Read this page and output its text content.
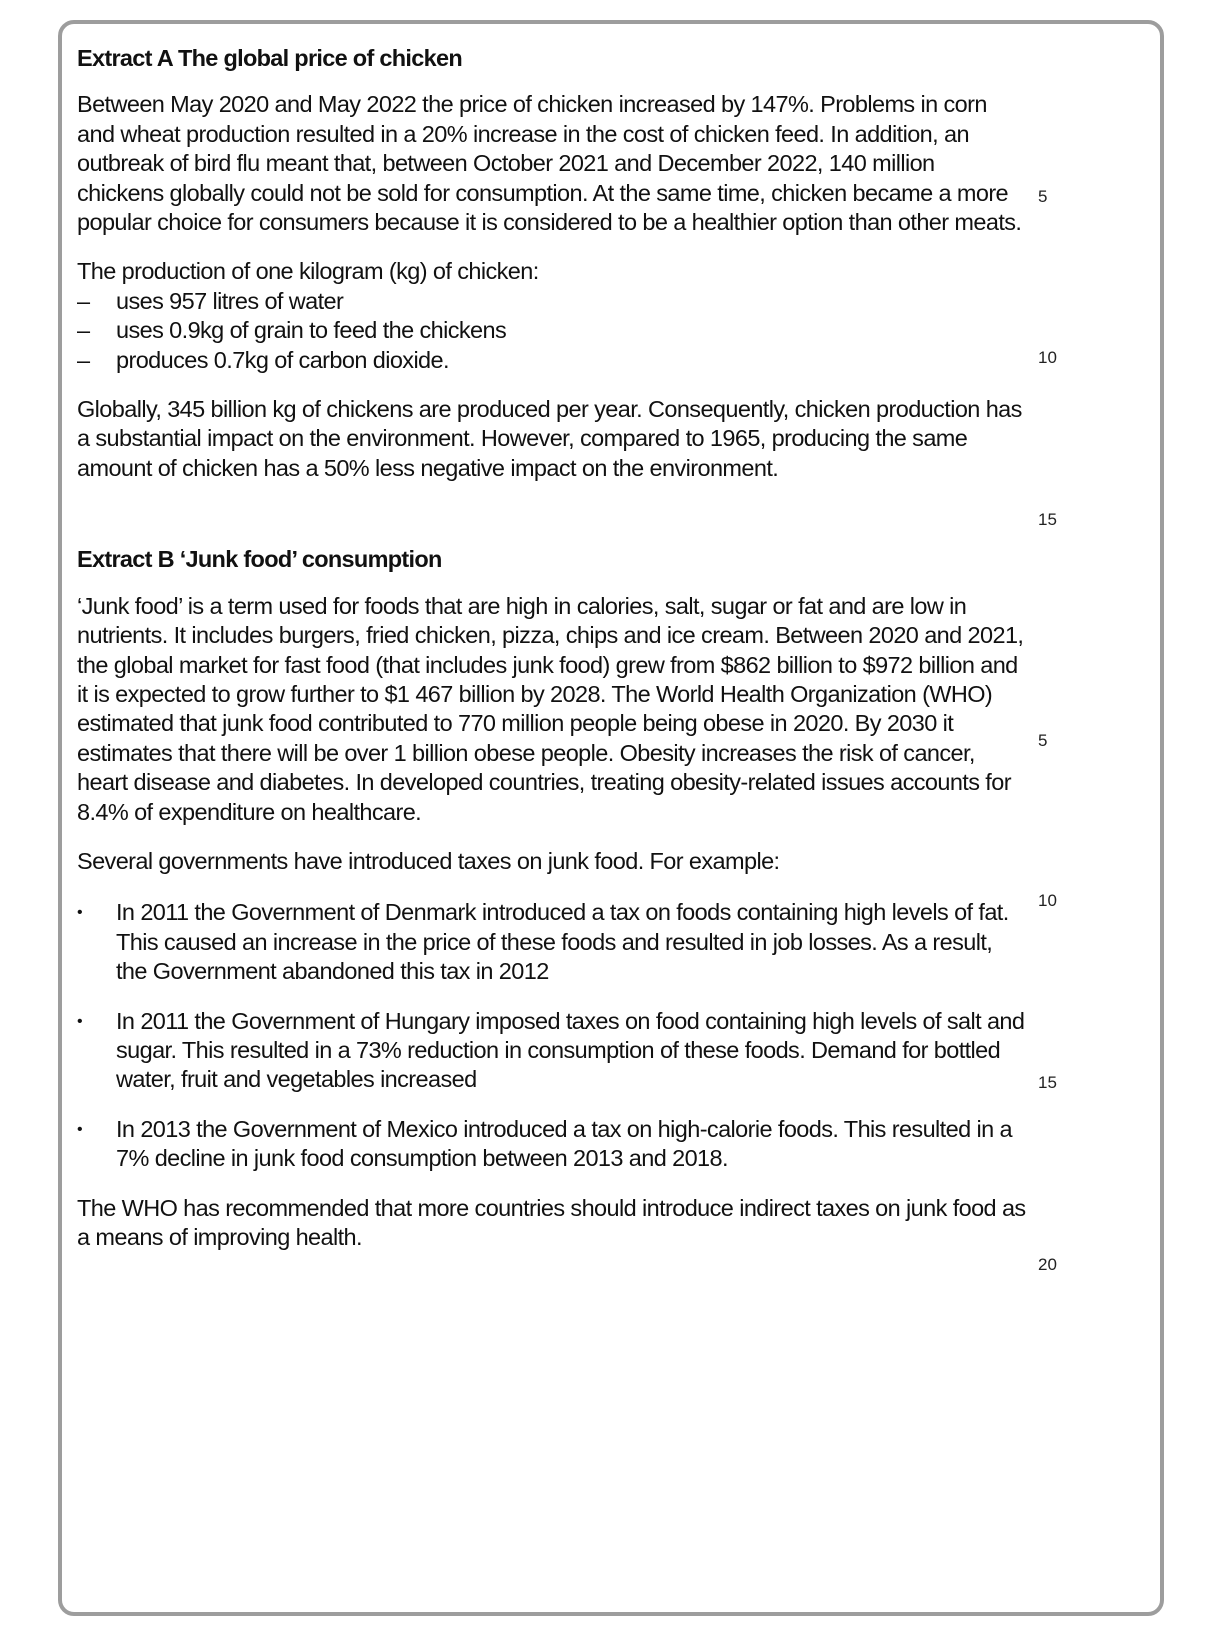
Extract A The global price of chicken

Between May 2020 and May 2022 the price of chicken increased by 147%. Problems in corn and wheat production resulted in a 20% increase in the cost of chicken feed. In addition, an outbreak of bird flu meant that, between October 2021 and December 2022, 140 million chickens globally could not be sold for consumption. At the same time, chicken became a more popular choice for consumers because it is considered to be a healthier option than other meats.

The production of one kilogram (kg) of chicken:
– uses 957 litres of water
– uses 0.9kg of grain to feed the chickens
– produces 0.7kg of carbon dioxide.

Globally, 345 billion kg of chickens are produced per year. Consequently, chicken production has a substantial impact on the environment. However, compared to 1965, producing the same amount of chicken has a 50% less negative impact on the environment.

Extract B ‘Junk food’ consumption

‘Junk food’ is a term used for foods that are high in calories, salt, sugar or fat and are low in nutrients. It includes burgers, fried chicken, pizza, chips and ice cream. Between 2020 and 2021, the global market for fast food (that includes junk food) grew from $862 billion to $972 billion and it is expected to grow further to $1 467 billion by 2028. The World Health Organization (WHO) estimated that junk food contributed to 770 million people being obese in 2020. By 2030 it estimates that there will be over 1 billion obese people. Obesity increases the risk of cancer, heart disease and diabetes. In developed countries, treating obesity-related issues accounts for 8.4% of expenditure on healthcare.

Several governments have introduced taxes on junk food. For example:

• In 2011 the Government of Denmark introduced a tax on foods containing high levels of fat. This caused an increase in the price of these foods and resulted in job losses. As a result, the Government abandoned this tax in 2012
• In 2011 the Government of Hungary imposed taxes on food containing high levels of salt and sugar. This resulted in a 73% reduction in consumption of these foods. Demand for bottled water, fruit and vegetables increased
• In 2013 the Government of Mexico introduced a tax on high-calorie foods. This resulted in a 7% decline in junk food consumption between 2013 and 2018.

The WHO has recommended that more countries should introduce indirect taxes on junk food as a means of improving health.

5
10
15
5
10
15
20
